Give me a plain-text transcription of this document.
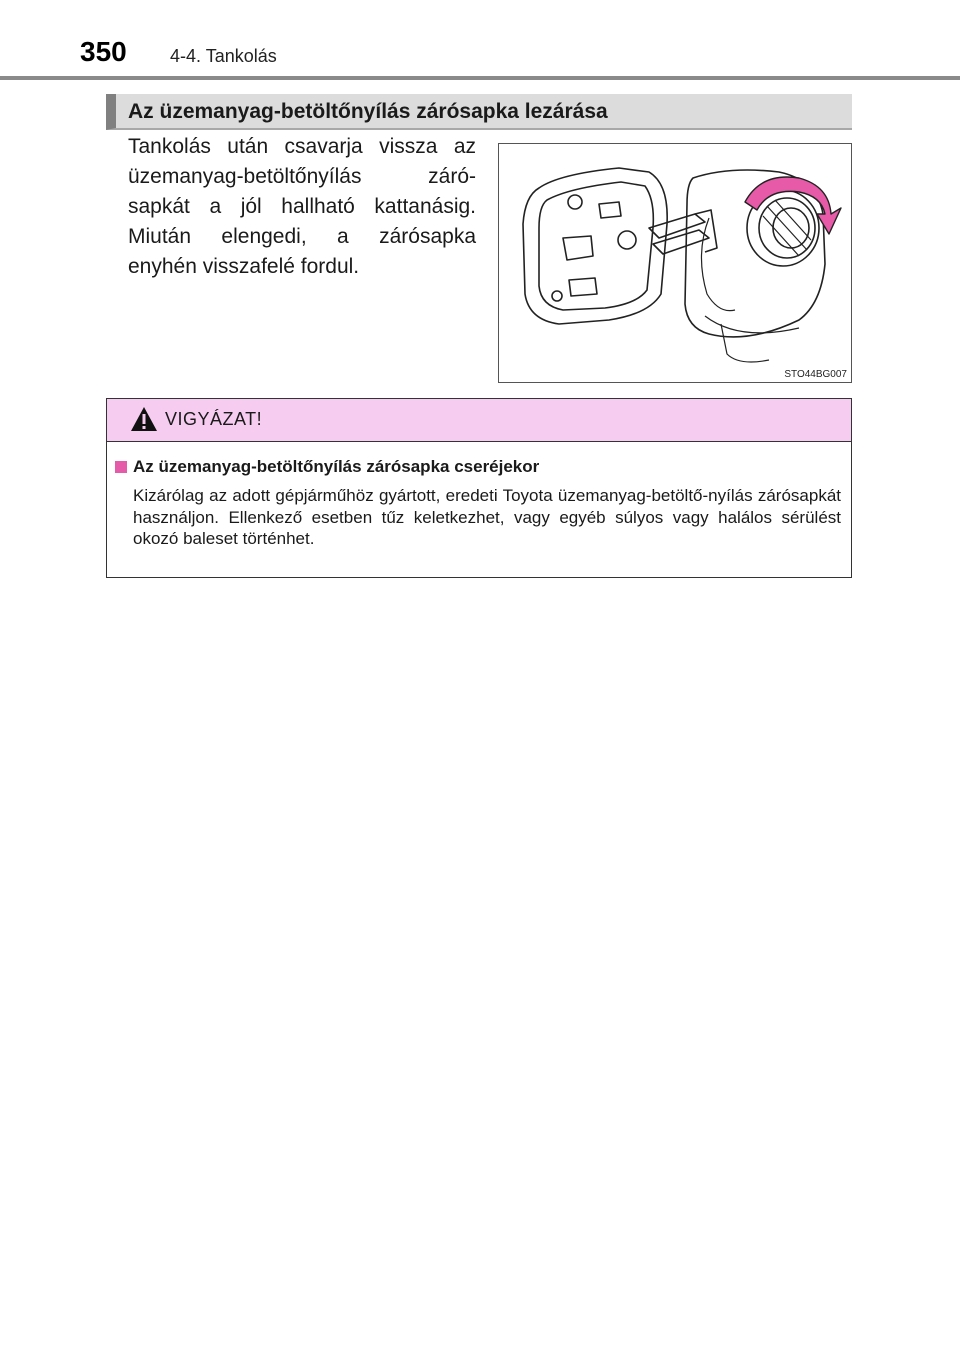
350 4-4. Tankolás
Az üzemanyag-betöltőnyílás zárósapka lezárása
Tankolás után csavarja vissza az üzemanyag-betöltőnyílás záró-sapkát a jól hallható kattanásig. Miután elengedi, a zárósapka enyhén visszafelé fordul.
STO44BG007
VIGYÁZAT!
Az üzemanyag-betöltőnyílás zárósapka cseréjekor
Kizárólag az adott gépjárműhöz gyártott, eredeti Toyota üzemanyag-betöltő-nyílás zárósapkát használjon. Ellenkező esetben tűz keletkezhet, vagy egyéb súlyos vagy halálos sérülést okozó baleset történhet.
